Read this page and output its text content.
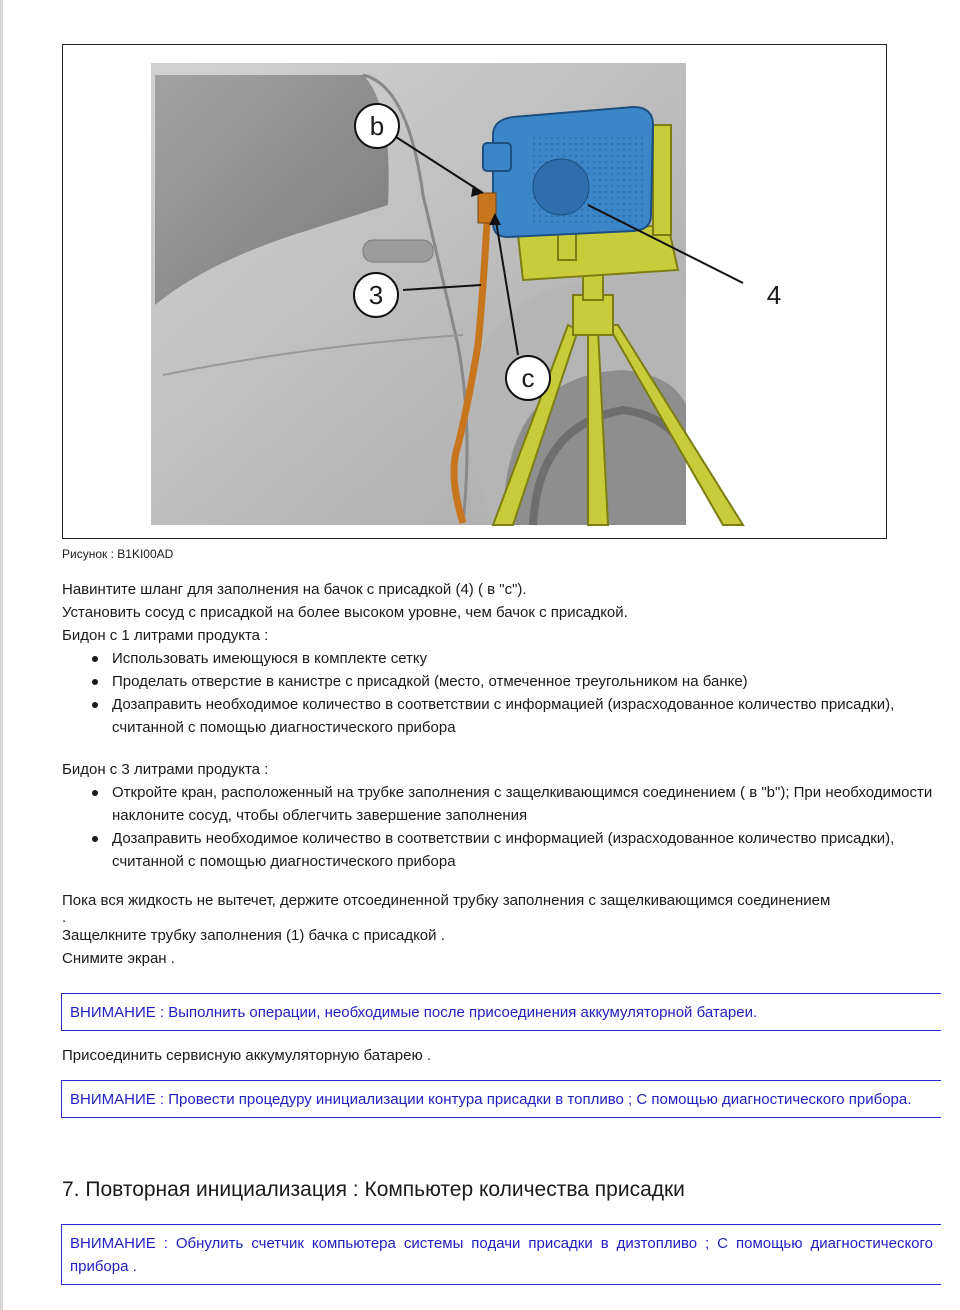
b
3
c
4
Рисунок : B1KI00AD

Навинтите шланг для заполнения на бачок с присадкой (4) ( в "с").

Установить сосуд с присадкой на более высоком уровне, чем бачок с присадкой.

Бидон с 1 литрами продукта :

Использовать имеющуюся в комплекте сетку
Проделать отверстие в канистре с присадкой (место, отмеченное треугольником на банке)
Дозаправить необходимое количество в соответствии с информацией (израсходованное количество присадки), считанной с помощью диагностического прибора

Бидон с 3 литрами продукта :

Откройте кран, расположенный на трубке заполнения с защелкивающимся соединением ( в "b"); При необходимости наклоните сосуд, чтобы облегчить завершение заполнения
Дозаправить необходимое количество в соответствии с информацией (израсходованное количество присадки), считанной с помощью диагностического прибора

Пока вся жидкость не вытечет, держите отсоединенной трубку заполнения с защелкивающимся соединением

.

Защелкните трубку заполнения (1) бачка с присадкой .

Снимите экран .

ВНИМАНИЕ : Выполнить операции, необходимые после присоединения аккумуляторной батареи.

Присоединить сервисную аккумуляторную батарею .

ВНИМАНИЕ : Провести процедуру инициализации контура присадки в топливо ; С помощью диагностического прибора.
7. Повторная инициализация : Компьютер количества присадки
ВНИМАНИЕ : Обнулить счетчик компьютера системы подачи присадки в дизтопливо ; С помощью диагностического прибора .
